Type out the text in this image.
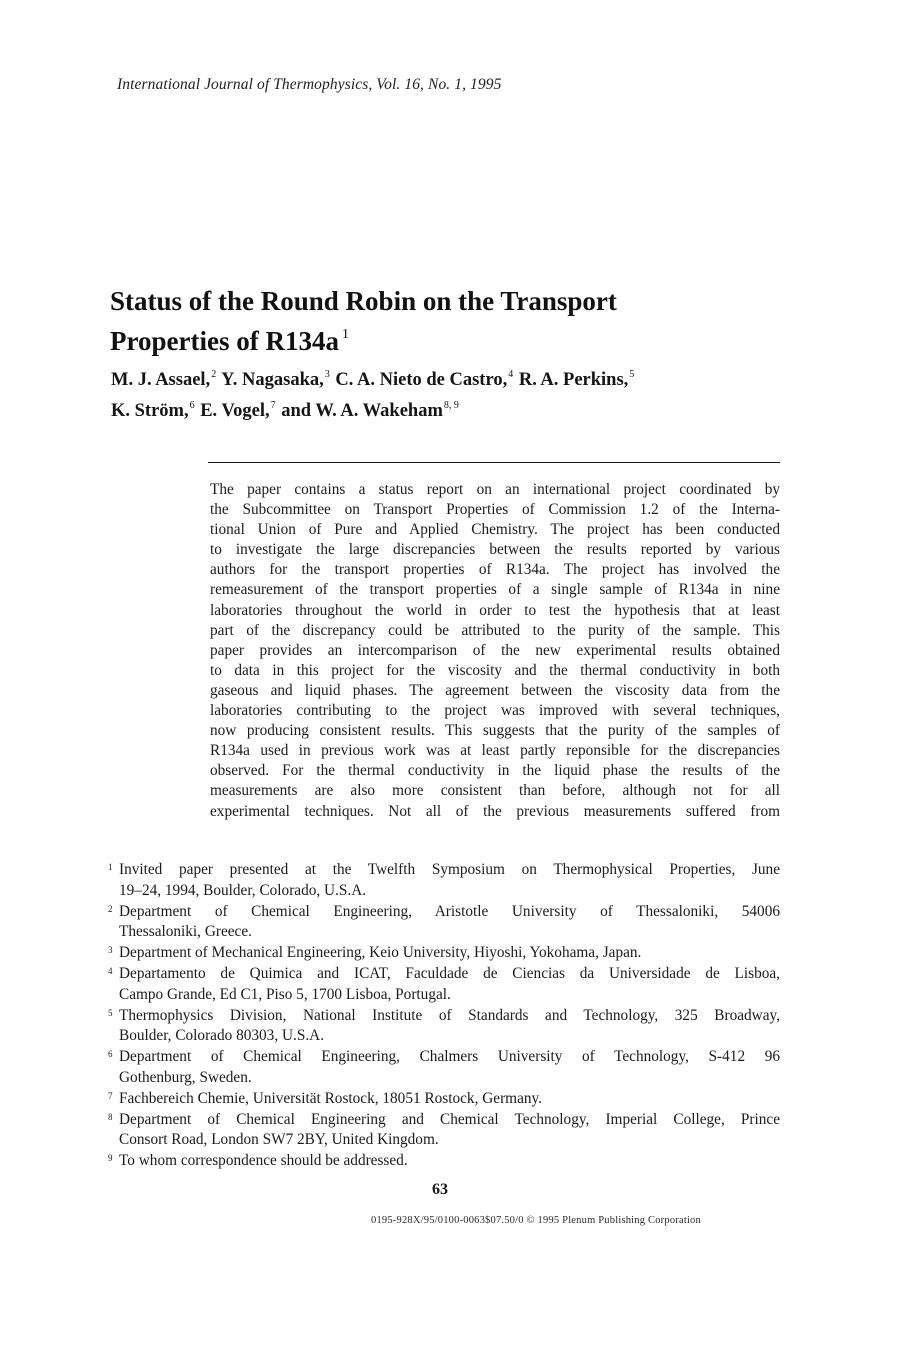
International Journal of Thermophysics, Vol. 16, No. 1, 1995
Status of the Round Robin on the Transport
Properties of R134a $^1$
M. J. Assael,$^2$ Y. Nagasaka,$^3$ C. A. Nieto de Castro,$^4$ R. A. Perkins,$^5$
K. Ström,$^6$ E. Vogel,$^7$ and W. A. Wakeham$^{8, 9}$
The paper contains a status report on an international project coordinated by
the Subcommittee on Transport Properties of Commission 1.2 of the Interna-
tional Union of Pure and Applied Chemistry. The project has been conducted
to investigate the large discrepancies between the results reported by various
authors for the transport properties of R134a. The project has involved the
remeasurement of the transport properties of a single sample of R134a in nine
laboratories throughout the world in order to test the hypothesis that at least
part of the discrepancy could be attributed to the purity of the sample. This
paper provides an intercomparison of the new experimental results obtained
to data in this project for the viscosity and the thermal conductivity in both
gaseous and liquid phases. The agreement between the viscosity data from the
laboratories contributing to the project was improved with several techniques,
now producing consistent results. This suggests that the purity of the samples of
R134a used in previous work was at least partly reponsible for the discrepancies
observed. For the thermal conductivity in the liquid phase the results of the
measurements are also more consistent than before, although not for all
experimental techniques. Not all of the previous measurements suffered from
1 Invited paper presented at the Twelfth Symposium on Thermophysical Properties, June
19–24, 1994, Boulder, Colorado, U.S.A.
2 Department of Chemical Engineering, Aristotle University of Thessaloniki, 54006
Thessaloniki, Greece.
3 Department of Mechanical Engineering, Keio University, Hiyoshi, Yokohama, Japan.
4 Departamento de Quimica and ICAT, Faculdade de Ciencias da Universidade de Lisboa,
Campo Grande, Ed C1, Piso 5, 1700 Lisboa, Portugal.
5 Thermophysics Division, National Institute of Standards and Technology, 325 Broadway,
Boulder, Colorado 80303, U.S.A.
6 Department of Chemical Engineering, Chalmers University of Technology, S-412 96
Gothenburg, Sweden.
7 Fachbereich Chemie, Universität Rostock, 18051 Rostock, Germany.
8 Department of Chemical Engineering and Chemical Technology, Imperial College, Prince
Consort Road, London SW7 2BY, United Kingdom.
9 To whom correspondence should be addressed.
63
0195-928X/95/0100-0063$07.50/0 © 1995 Plenum Publishing Corporation
